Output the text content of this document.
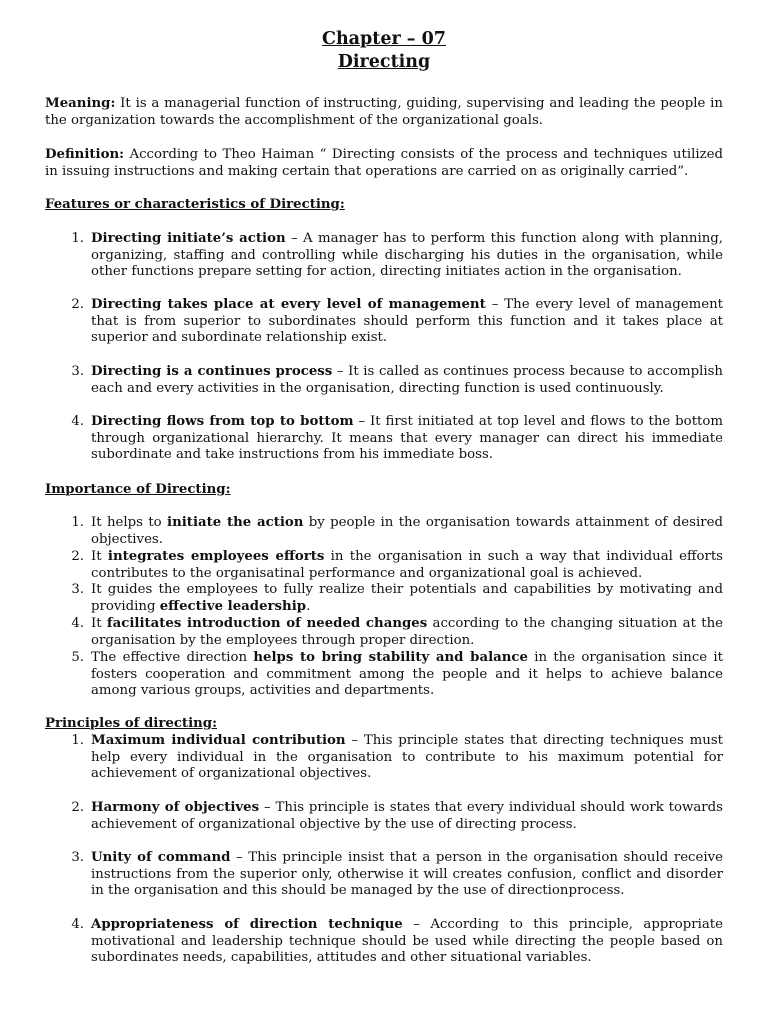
Chapter – 07
Directing
Meaning: It is a managerial function of instructing, guiding, supervising and leading the people in the organization towards the accomplishment of the organizational goals.
Definition: According to Theo Haiman “ Directing consists of the process and techniques utilized in issuing instructions and making certain that operations are carried on as originally carried”.
Features or characteristics of Directing:
1. Directing initiate’s action – A manager has to perform this function along with planning, organizing, staffing and controlling while discharging his duties in the organisation, while other functions prepare setting for action, directing initiates action in the organisation.
2. Directing takes place at every level of management – The every level of management that is from superior to subordinates should perform this function and it takes place at superior and subordinate relationship exist.
3. Directing is a continues process – It is called as continues process because to accomplish each and every activities in the organisation, directing function is used continuously.
4. Directing flows from top to bottom – It first initiated at top level and flows to the bottom through organizational hierarchy. It means that every manager can direct his immediate subordinate and take instructions from his immediate boss.
Importance of Directing:
1. It helps to initiate the action by people in the organisation towards attainment of desired objectives.
2. It integrates employees efforts in the organisation in such a way that individual efforts contributes to the organisatinal performance and organizational goal is achieved.
3. It guides the employees to fully realize their potentials and capabilities by motivating and providing effective leadership.
4. It facilitates introduction of needed changes according to the changing situation at the organisation by the employees through proper direction.
5. The effective direction helps to bring stability and balance in the organisation since it fosters cooperation and commitment among the people and it helps to achieve balance among various groups, activities and departments.
Principles of directing:
1. Maximum individual contribution – This principle states that directing techniques must help every individual in the organisation to contribute to his maximum potential for achievement of organizational objectives.
2. Harmony of objectives – This principle is states that every individual should work towards achievement of organizational objective by the use of directing process.
3. Unity of command – This principle insist that a person in the organisation should receive instructions from the superior only, otherwise it will creates confusion, conflict and disorder in the organisation and this should be managed by the use of directionprocess.
4. Appropriateness of direction technique – According to this principle, appropriate motivational and leadership technique should be used while directing the people based on subordinates needs, capabilities, attitudes and other situational variables.
